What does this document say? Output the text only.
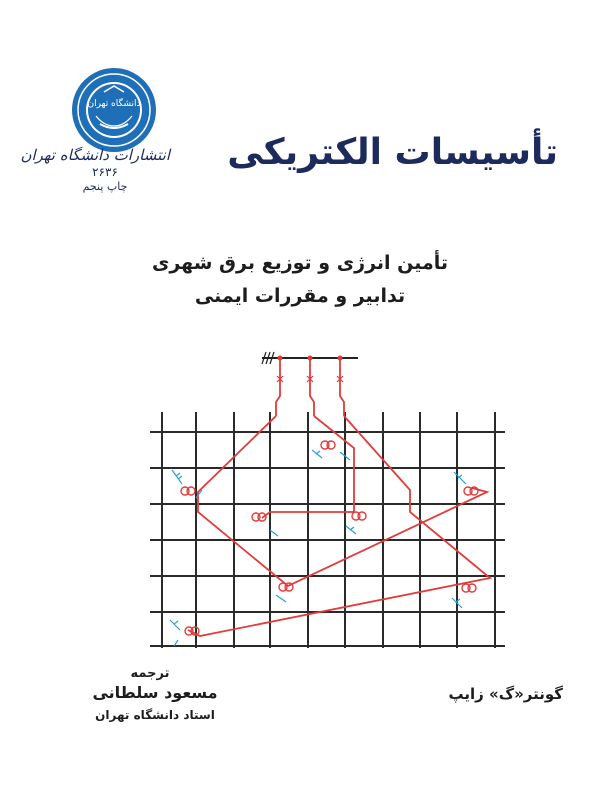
دانشگاه تهران
انتشارات دانشگاه تهران
۲۶۳۶
چاپ پنجم
تأسیسات الکتریکی
تأمین انرژی و توزیع برق شهری
تدابیر و مقررات ایمنی
ترجمه
مسعود سلطانی
استاد دانشگاه تهران
گونتر«گ» زایپ
